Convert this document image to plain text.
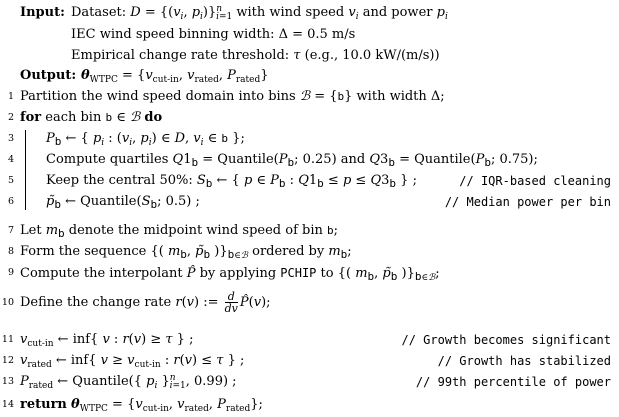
Input: Dataset: $D = \{(v_i$, $p_i)\}^n_{i=1}$ with wind speed $v_i$ and power $p_i$
IEC wind speed binning width: Δ = 0.5 m/s
Empirical change rate threshold: τ (e.g., 10.0 kW/(m/s))
Output: $\theta_{WTPC} = \{v_{cut-in}$, $v_{rated}$, $P_{rated}$}
1 Partition the wind speed domain into bins ℬ = {b} with width Δ;
2 for each bin b ∈ ℬ do
3 $P_b$ ← { $p_i$ : ($v_i$, $p_i$) ∈ D, $v_i$ ∈ b };
4 Compute quartiles $Q1_b$ = $Quantile(P_b$; 0.25) and $Q3_b$ = $Quantile(P_b$; 0.75);
5 Keep the central 50%: $S_b$ ← { p ∈ $P_b$ : $Q1_b \le p \le Q3_b$ } ;	// IQR-based cleaning
6 $p̃_b$ ← $Quantile(S_b$; 0.5) ;	// Median power per bin
7 Let $m_b$ denote the midpoint wind speed of bin b;
8 Form the sequence {( $m_b$, $p̃_b$ )}$_{b\in ℬ}$ ordered by $m_b$;
9 Compute the interpolant P̂ by applying PCHIP to {( $m_b$, $p̃_b$ )}$_{b\in ℬ}$;
10 Define the change rate r(v) := $\frac{d}{dv}$ P̂(v);
11 $v_{cut-in}$ ← inf{ v : r(v) ≥ τ } ;	// Growth becomes significant
12 $v_{rated}$ ← inf{ $v \ge v_{cut-in}$ : r(v) ≤ τ } ;	// Growth has stabilized
13 $P_{rated}$ ← Quantile({ $p_i$ }$^n_{i=1}$, 0.99) ;	// 99th percentile of power
14 return $\theta_{WTPC} = \{v_{cut-in}$, $v_{rated}$, $P_{rated}$};
